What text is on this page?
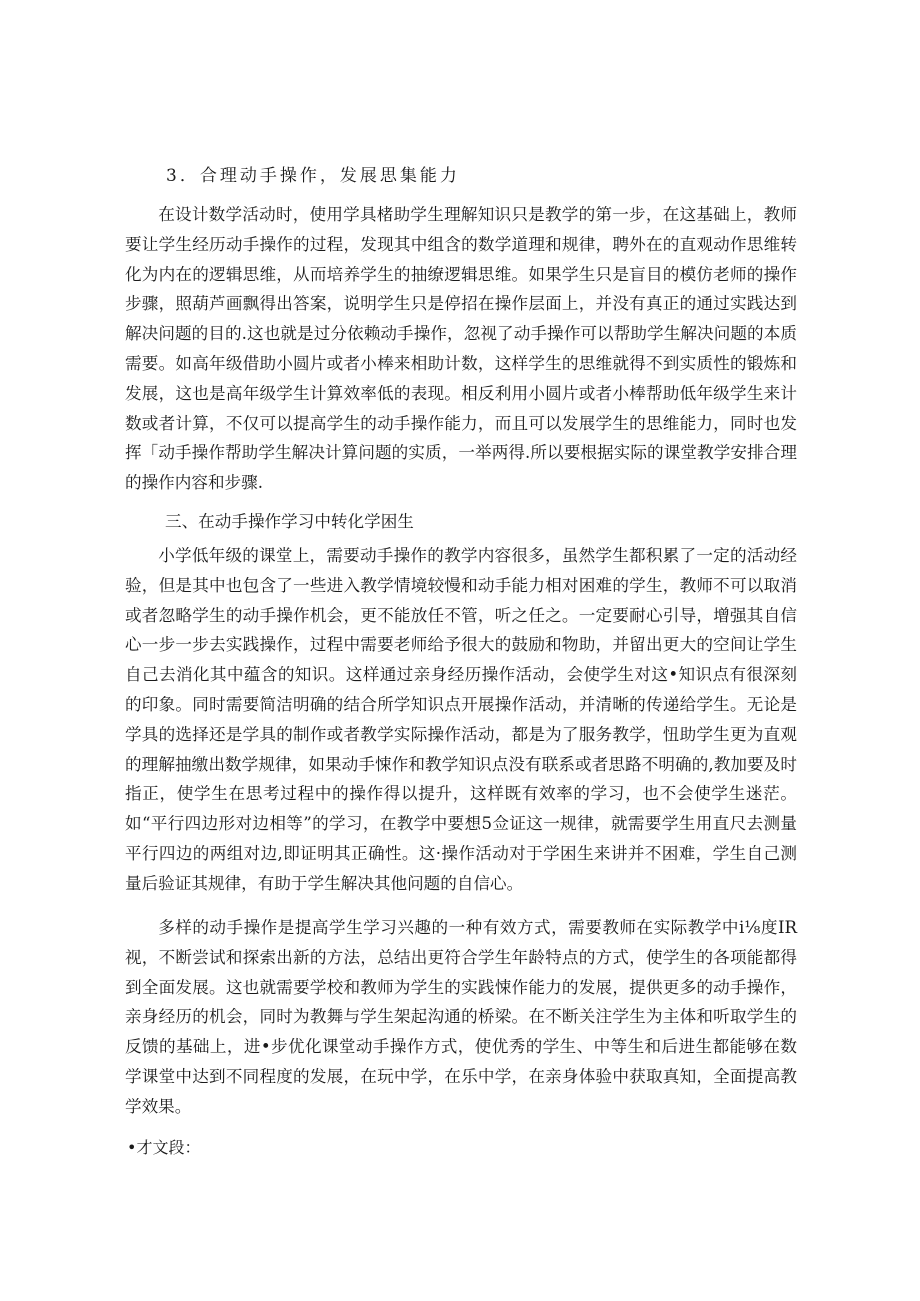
3．合理动手操作，发展思集能力

在设计数学活动时，使用学具楮助学生理解知识只是教学的第一步，在这基础上，教师要让学生经历动手操作的过程，发现其中组含的数学道理和规律，聘外在的直观动作思维转化为内在的逻辑思维，从而培养学生的抽缭逻辑思维。如果学生只是盲目的模仿老师的操作步骤，照葫芦画飘得出答案，说明学生只是停招在操作层面上，并没有真正的通过实践达到解决问题的目的.这也就是过分依赖动手操作，忽视了动手操作可以帮助学生解决问题的本质需要。如高年级借助小圆片或者小棒来相助计数，这样学生的思维就得不到实质性的锻炼和发展，这也是高年级学生计算效率低的表现。相反利用小圆片或者小棒帮助低年级学生来计数或者计算，不仅可以提高学生的动手操作能力，而且可以发展学生的思维能力，同时也发挥「动手操作帮助学生解决计算问题的实质，一举两得.所以要根据实际的课堂教学安排合理的操作内容和步骤.

三、在动手操作学习中转化学困生

小学低年级的课堂上，需要动手操作的教学内容很多，虽然学生都积累了一定的活动经验，但是其中也包含了一些进入教学情境较慢和动手能力相对困难的学生，教师不可以取消或者忽略学生的动手操作机会，更不能放任不管，听之任之。一定要耐心引导，增强其自信心一步一步去实践操作，过程中需要老师给予很大的鼓励和物助，并留出更大的空间让学生自己去消化其中蕴含的知识。这样通过亲身经历操作活动，会使学生对这•知识点有很深刻的印象。同时需要简洁明确的结合所学知识点开展操作活动，并清晰的传递给学生。无论是学具的选择还是学具的制作或者教学实际操作活动，都是为了服务教学，忸助学生更为直观的理解抽缴出数学规律，如果动手悚作和教学知识点没有联系或者思路不明确的,教加要及时指正，使学生在思考过程中的操作得以提升，这样既有效率的学习，也不会使学生迷茫。如“平行四边形对边相等”的学习，在教学中要想5佥证这一规律，就需要学生用直尺去测量平行四边的两组对边,即证明其正确性。这·操作活动对于学困生来讲并不困难，学生自己测量后验证其规律，有助于学生解决其他问题的自信心。

多样的动手操作是提高学生学习兴趣的一种有效方式，需要教师在实际教学中i⅛度IR视，不断尝试和探索出新的方法，总结出更符合学生年龄特点的方式，使学生的各项能都得到全面发展。这也就需要学校和教师为学生的实践悚作能力的发展，提供更多的动手操作，亲身经历的机会，同时为教舞与学生架起沟通的桥梁。在不断关注学生为主体和听取学生的反馈的基础上，进•步优化课堂动手操作方式，使优秀的学生、中等生和后进生都能够在数学课堂中达到不同程度的发展，在玩中学，在乐中学，在亲身体验中获取真知，全面提高教学效果。

•才文段：
